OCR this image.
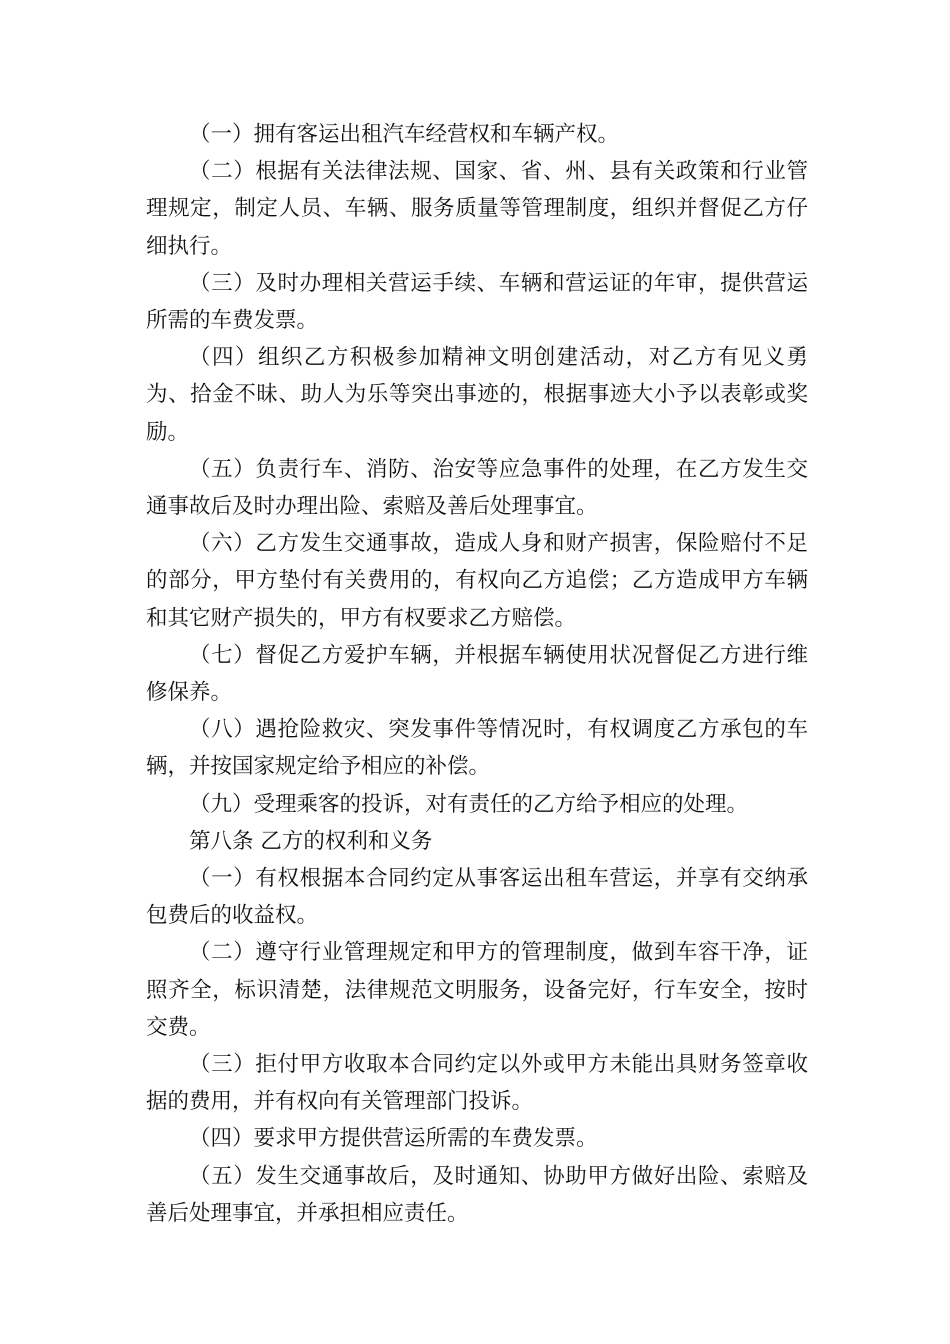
（一）拥有客运出租汽车经营权和车辆产权。

（二）根据有关法律法规、国家、省、州、县有关政策和行业管理规定，制定人员、车辆、服务质量等管理制度，组织并督促乙方仔细执行。

（三）及时办理相关营运手续、车辆和营运证的年审，提供营运所需的车费发票。

（四）组织乙方积极参加精神文明创建活动，对乙方有见义勇为、拾金不昧、助人为乐等突出事迹的，根据事迹大小予以表彰或奖励。

（五）负责行车、消防、治安等应急事件的处理，在乙方发生交通事故后及时办理出险、索赔及善后处理事宜。

（六）乙方发生交通事故，造成人身和财产损害，保险赔付不足的部分，甲方垫付有关费用的，有权向乙方追偿；乙方造成甲方车辆和其它财产损失的，甲方有权要求乙方赔偿。

（七）督促乙方爱护车辆，并根据车辆使用状况督促乙方进行维修保养。

（八）遇抢险救灾、突发事件等情况时，有权调度乙方承包的车辆，并按国家规定给予相应的补偿。

（九）受理乘客的投诉，对有责任的乙方给予相应的处理。

第八条 乙方的权利和义务

（一）有权根据本合同约定从事客运出租车营运，并享有交纳承包费后的收益权。

（二）遵守行业管理规定和甲方的管理制度，做到车容干净，证照齐全，标识清楚，法律规范文明服务，设备完好，行车安全，按时交费。

（三）拒付甲方收取本合同约定以外或甲方未能出具财务签章收据的费用，并有权向有关管理部门投诉。

（四）要求甲方提供营运所需的车费发票。

（五）发生交通事故后，及时通知、协助甲方做好出险、索赔及善后处理事宜，并承担相应责任。
